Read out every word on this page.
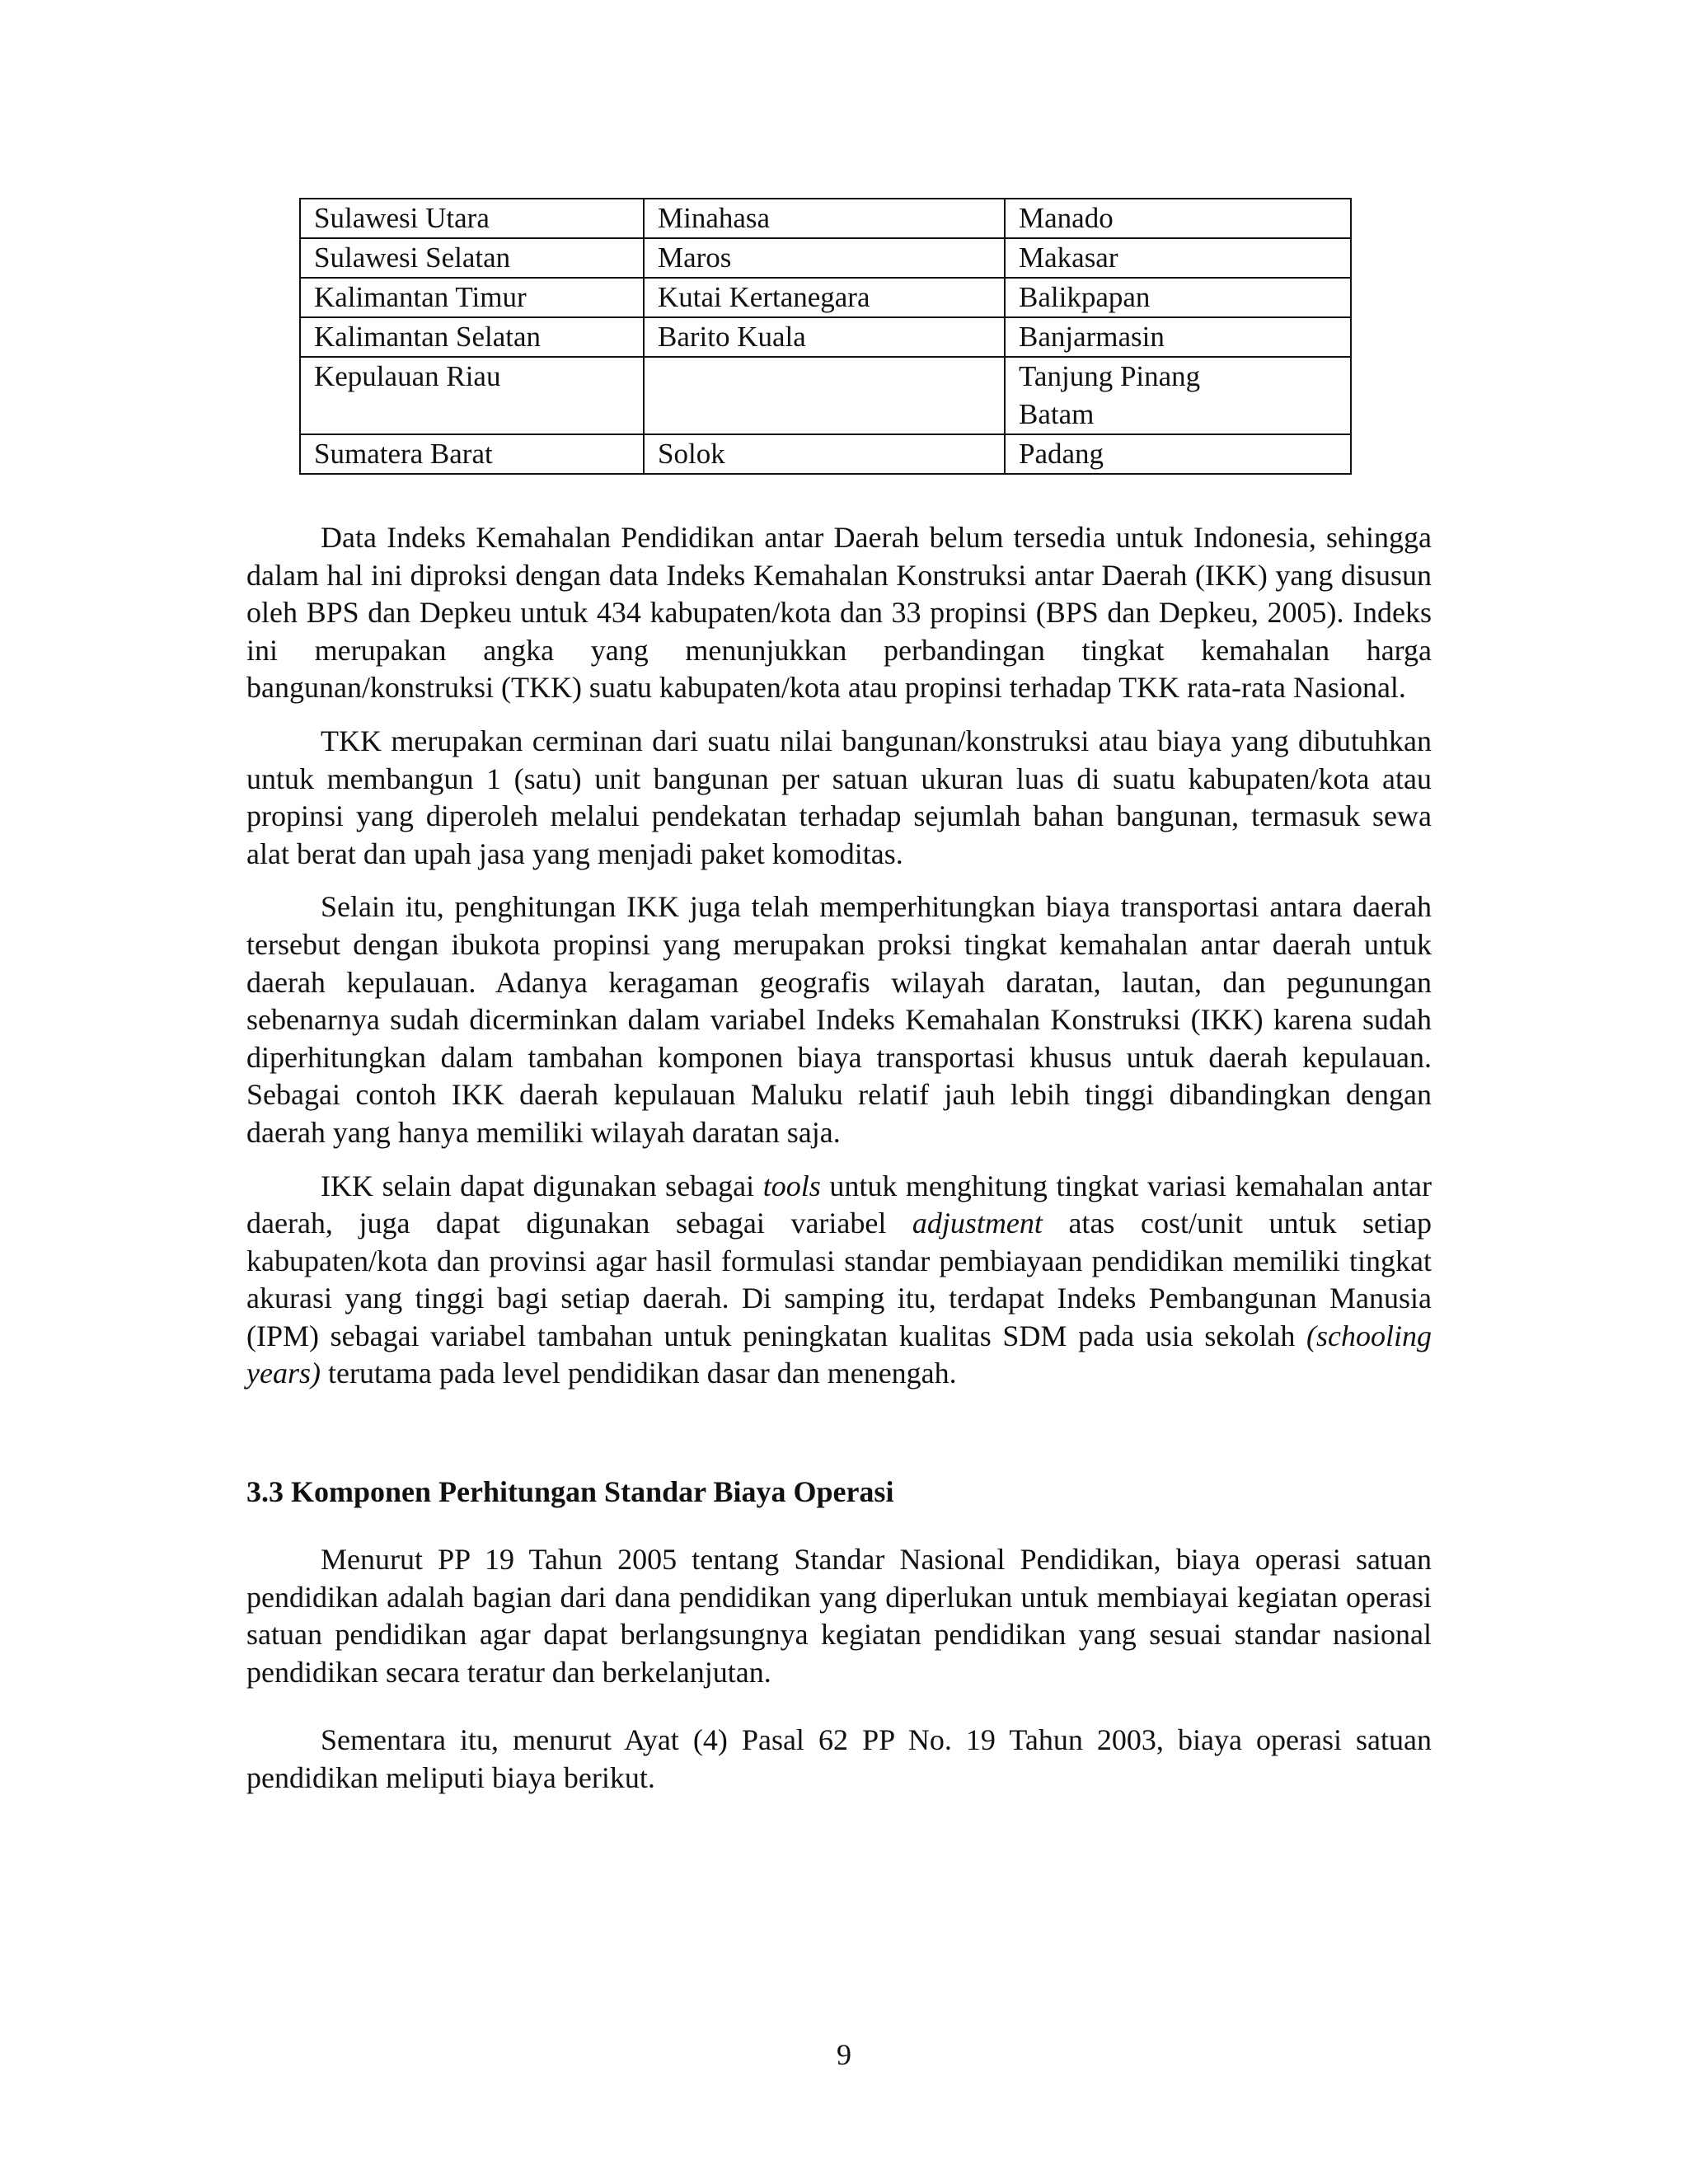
Sulawesi Utara	Minahasa	Manado
Sulawesi Selatan	Maros	Makasar
Kalimantan Timur	Kutai Kertanegara	Balikpapan
Kalimantan Selatan	Barito Kuala	Banjarmasin
Kepulauan Riau		Tanjung Pinang
Batam

Sumatera Barat	Solok	Padang

Data Indeks Kemahalan Pendidikan antar Daerah belum tersedia untuk Indonesia, sehingga dalam hal ini diproksi dengan data Indeks Kemahalan Konstruksi antar Daerah (IKK) yang disusun oleh BPS dan Depkeu untuk 434 kabupaten/kota dan 33 propinsi (BPS dan Depkeu, 2005). Indeks ini merupakan angka yang menunjukkan perbandingan tingkat kemahalan harga bangunan/konstruksi (TKK) suatu kabupaten/kota atau propinsi terhadap TKK rata-rata Nasional.

TKK merupakan cerminan dari suatu nilai bangunan/konstruksi atau biaya yang dibutuhkan untuk membangun 1 (satu) unit bangunan per satuan ukuran luas di suatu kabupaten/kota atau propinsi yang diperoleh melalui pendekatan terhadap sejumlah bahan bangunan, termasuk sewa alat berat dan upah jasa yang menjadi paket komoditas.

Selain itu, penghitungan IKK juga telah memperhitungkan biaya transportasi antara daerah tersebut dengan ibukota propinsi yang merupakan proksi tingkat kemahalan antar daerah untuk daerah kepulauan. Adanya keragaman geografis wilayah daratan, lautan, dan pegunungan sebenarnya sudah dicerminkan dalam variabel Indeks Kemahalan Konstruksi (IKK) karena sudah diperhitungkan dalam tambahan komponen biaya transportasi khusus untuk daerah kepulauan. Sebagai contoh IKK daerah kepulauan Maluku relatif jauh lebih tinggi dibandingkan dengan daerah yang hanya memiliki wilayah daratan saja.

IKK selain dapat digunakan sebagai tools untuk menghitung tingkat variasi kemahalan antar daerah, juga dapat digunakan sebagai variabel adjustment atas cost/unit untuk setiap kabupaten/kota dan provinsi agar hasil formulasi standar pembiayaan pendidikan memiliki tingkat akurasi yang tinggi bagi setiap daerah. Di samping itu, terdapat Indeks Pembangunan Manusia (IPM) sebagai variabel tambahan untuk peningkatan kualitas SDM pada usia sekolah (schooling years) terutama pada level pendidikan dasar dan menengah.

3.3 Komponen Perhitungan Standar Biaya Operasi

Menurut PP 19 Tahun 2005 tentang Standar Nasional Pendidikan, biaya operasi satuan pendidikan adalah bagian dari dana pendidikan yang diperlukan untuk membiayai kegiatan operasi satuan pendidikan agar dapat berlangsungnya kegiatan pendidikan yang sesuai standar nasional pendidikan secara teratur dan berkelanjutan.

Sementara itu, menurut Ayat (4) Pasal 62 PP No. 19 Tahun 2003, biaya operasi satuan pendidikan meliputi biaya berikut.

9
